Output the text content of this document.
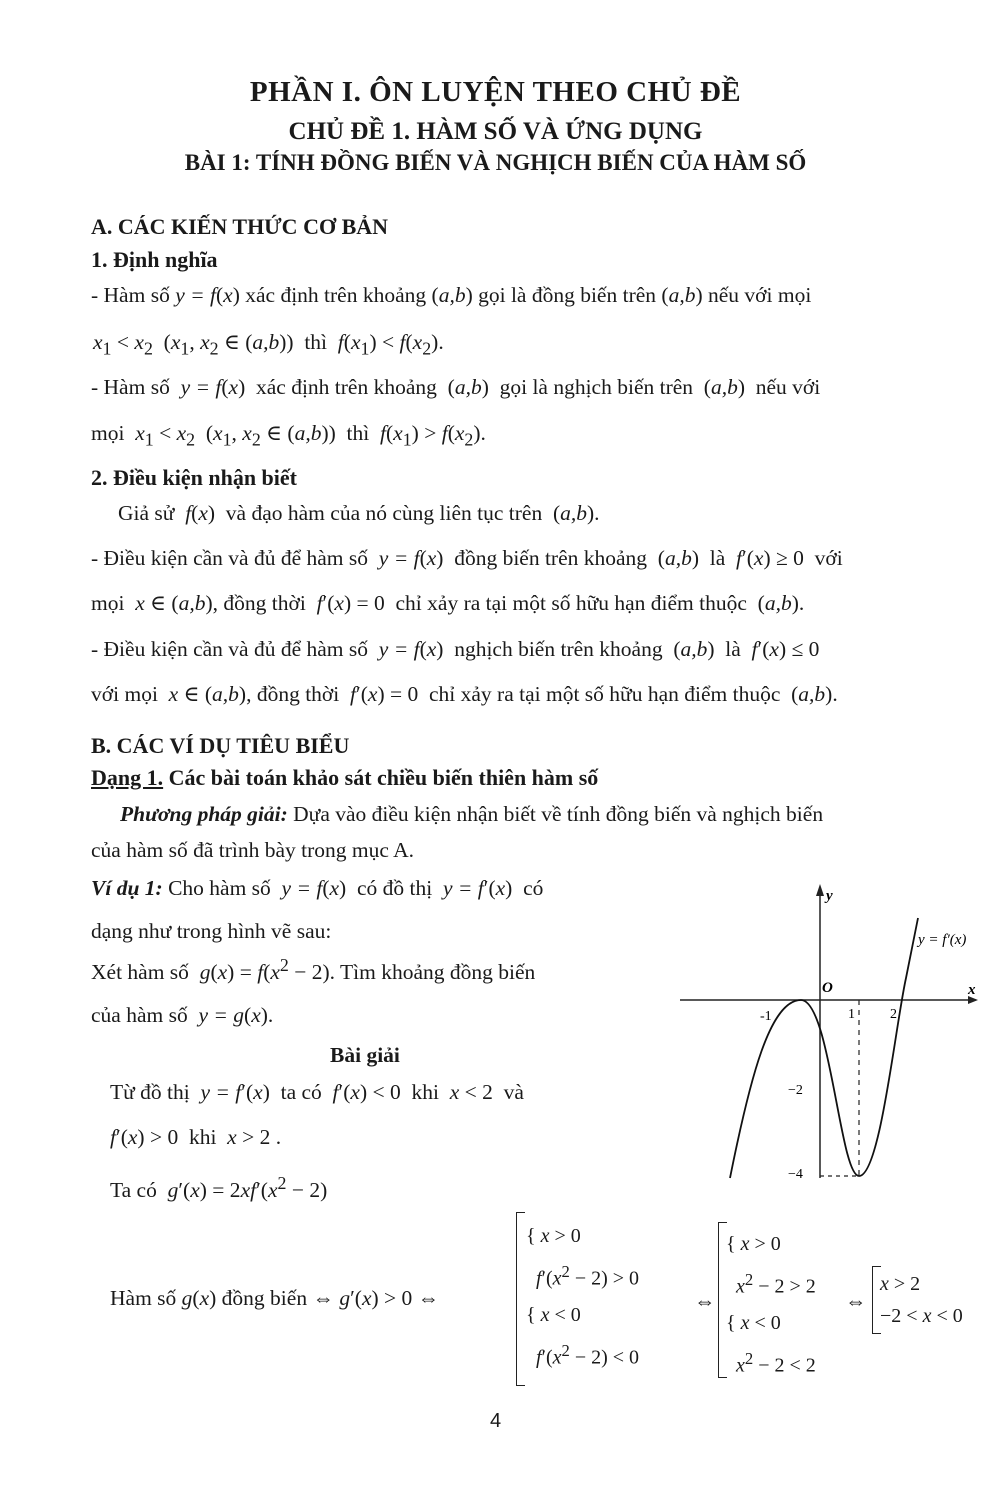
PHẦN I. ÔN LUYỆN THEO CHỦ ĐỀ
CHỦ ĐỀ 1. HÀM SỐ VÀ ỨNG DỤNG
BÀI 1: TÍNH ĐỒNG BIẾN VÀ NGHỊCH BIẾN CỦA HÀM SỐ
A. CÁC KIẾN THỨC CƠ BẢN
1. Định nghĩa
- Hàm số y = f(x) xác định trên khoảng (a,b) gọi là đồng biến trên (a,b) nếu với mọi
$x_1 < x_2$  ($x_1$, $x_2$ ∈ (a,b))  thì  $f(x_1) < f(x_2)$.
- Hàm số  y = f(x)  xác định trên khoảng  (a,b)  gọi là nghịch biến trên  (a,b)  nếu với
mọi  $x_1 < x_2$  ($x_1$, $x_2$ ∈ (a,b))  thì  $f(x_1) > f(x_2)$.
2. Điều kiện nhận biết
Giả sử  f(x)  và đạo hàm của nó cùng liên tục trên  (a,b).
- Điều kiện cần và đủ để hàm số  y = f(x)  đồng biến trên khoảng  (a,b)  là  f′(x) ≥ 0  với
mọi  x ∈ (a,b), đồng thời  f′(x) = 0  chỉ xảy ra tại một số hữu hạn điểm thuộc  (a,b).
- Điều kiện cần và đủ để hàm số  y = f(x)  nghịch biến trên khoảng  (a,b)  là  f′(x) ≤ 0
với mọi  x ∈ (a,b), đồng thời  f′(x) = 0  chỉ xảy ra tại một số hữu hạn điểm thuộc  (a,b).
B. CÁC VÍ DỤ TIÊU BIỂU
Dạng 1. Các bài toán khảo sát chiều biến thiên hàm số
Phương pháp giải: Dựa vào điều kiện nhận biết về tính đồng biến và nghịch biến
của hàm số đã trình bày trong mục A.
Ví dụ 1: Cho hàm số  y = f(x)  có đồ thị  y = f′(x)  có
dạng như trong hình vẽ sau:
Xét hàm số  $g(x) = f(x^2 - 2)$. Tìm khoảng đồng biến
của hàm số  y = g(x).
Bài giải
Từ đồ thị  y = f′(x)  ta có  f′(x) < 0  khi  x < 2  và
f′(x) > 0  khi  x > 2 .
Ta có  $g'(x) = 2xf'(x^2 - 2)$
Hàm số g(x) đồng biến ⇔ g′(x) > 0 ⇔
{ x > 0
$f'(x^2 - 2) > 0$
{ x < 0
$f'(x^2 - 2) < 0$
⇔
{ x > 0
$x^2 - 2 > 2$
{ x < 0
$x^2 - 2 < 2$
⇔
x > 2
−2 < x < 0
y
x
O
y = f′(x)
-1	1	2
−2
−4
4
